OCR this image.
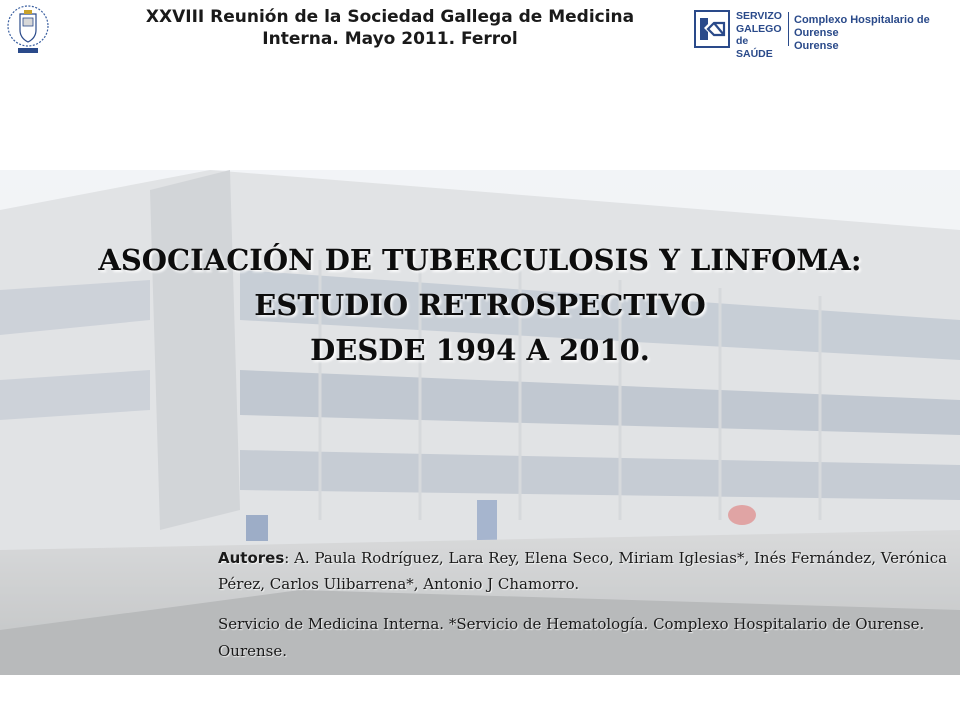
XXVIII Reunión de la Sociedad Gallega de Medicina
Interna. Mayo 2011. Ferrol
SERVIZO
GALEGO
de SAÚDE
Complexo Hospitalario de Ourense
Ourense
ASOCIACIÓN DE TUBERCULOSIS Y LINFOMA:
ESTUDIO RETROSPECTIVO
DESDE 1994 A 2010.
Autores: A. Paula Rodríguez, Lara Rey, Elena Seco, Miriam Iglesias*, Inés Fernández, Verónica Pérez, Carlos Ulibarrena*, Antonio J Chamorro.
Servicio de Medicina Interna. *Servicio de Hematología. Complexo Hospitalario de Ourense. Ourense.
